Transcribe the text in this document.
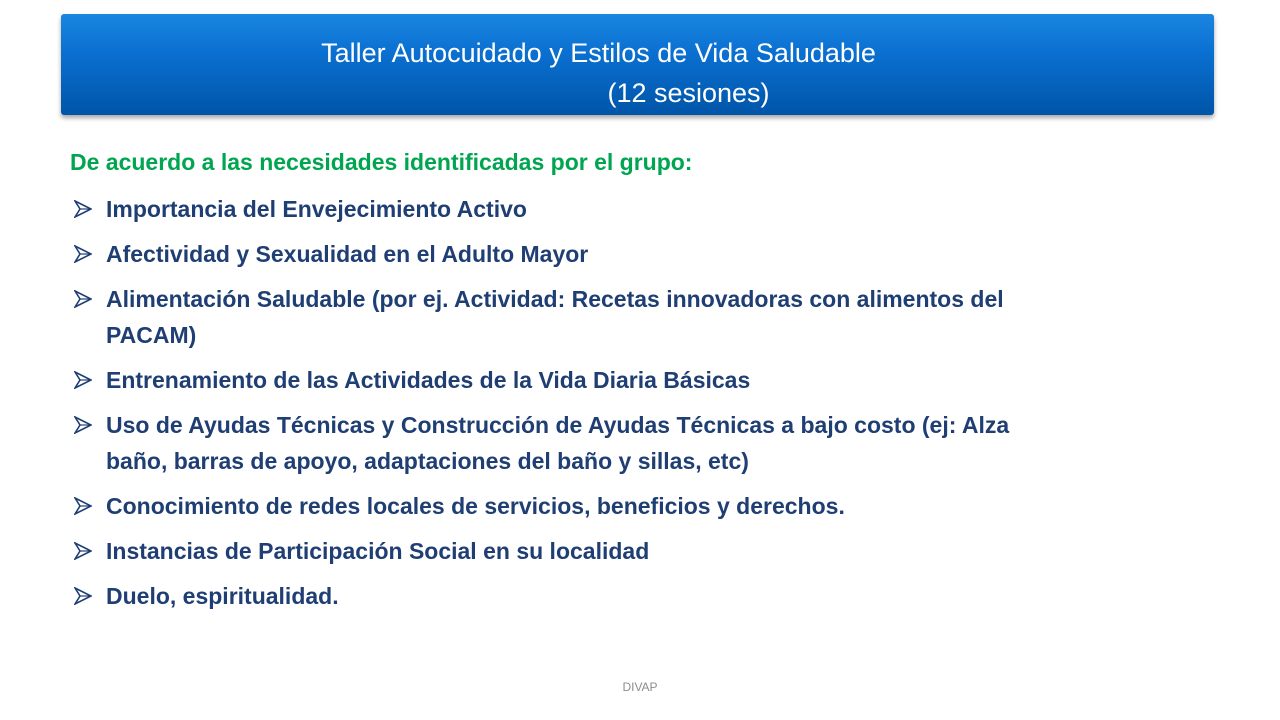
Taller Autocuidado y Estilos de Vida Saludable
(12 sesiones)
De acuerdo a las necesidades identificadas por el grupo:
Importancia del Envejecimiento Activo
Afectividad y Sexualidad en el Adulto Mayor
Alimentación Saludable (por ej. Actividad: Recetas innovadoras con alimentos del PACAM)
Entrenamiento de las Actividades de la Vida Diaria Básicas
Uso de Ayudas Técnicas y Construcción de Ayudas Técnicas a bajo costo (ej: Alza baño, barras de apoyo, adaptaciones del baño y sillas, etc)
Conocimiento de redes locales de servicios, beneficios y derechos.
Instancias de Participación Social en su localidad
Duelo, espiritualidad.
DIVAP
